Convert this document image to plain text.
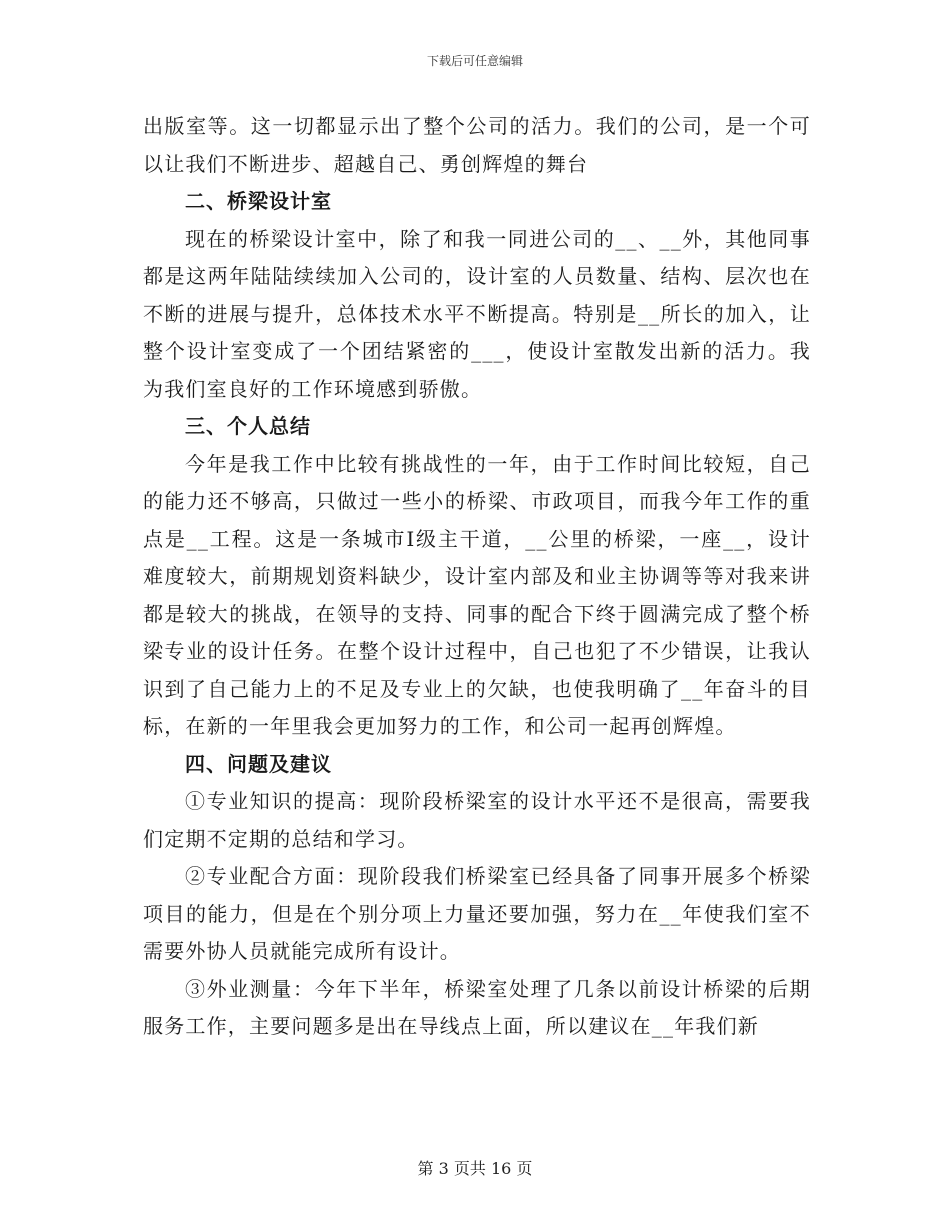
下载后可任意编辑

出版室等。这一切都显示出了整个公司的活力。我们的公司，是一个可以让我们不断进步、超越自己、勇创辉煌的舞台

二、桥梁设计室

现在的桥梁设计室中，除了和我一同进公司的__、__外，其他同事都是这两年陆陆续续加入公司的，设计室的人员数量、结构、层次也在不断的进展与提升，总体技术水平不断提高。特别是__所长的加入，让整个设计室变成了一个团结紧密的___，使设计室散发出新的活力。我为我们室良好的工作环境感到骄傲。

三、个人总结

今年是我工作中比较有挑战性的一年，由于工作时间比较短，自己的能力还不够高，只做过一些小的桥梁、市政项目，而我今年工作的重点是__工程。这是一条城市Ⅰ级主干道，__公里的桥梁，一座__，设计难度较大，前期规划资料缺少，设计室内部及和业主协调等等对我来讲都是较大的挑战，在领导的支持、同事的配合下终于圆满完成了整个桥梁专业的设计任务。在整个设计过程中，自己也犯了不少错误，让我认识到了自己能力上的不足及专业上的欠缺，也使我明确了__年奋斗的目标，在新的一年里我会更加努力的工作，和公司一起再创辉煌。

四、问题及建议

①专业知识的提高：现阶段桥梁室的设计水平还不是很高，需要我们定期不定期的总结和学习。

②专业配合方面：现阶段我们桥梁室已经具备了同事开展多个桥梁项目的能力，但是在个别分项上力量还要加强，努力在__年使我们室不需要外协人员就能完成所有设计。

③外业测量：今年下半年，桥梁室处理了几条以前设计桥梁的后期服务工作，主要问题多是出在导线点上面，所以建议在__年我们新

第 3 页共 16 页
